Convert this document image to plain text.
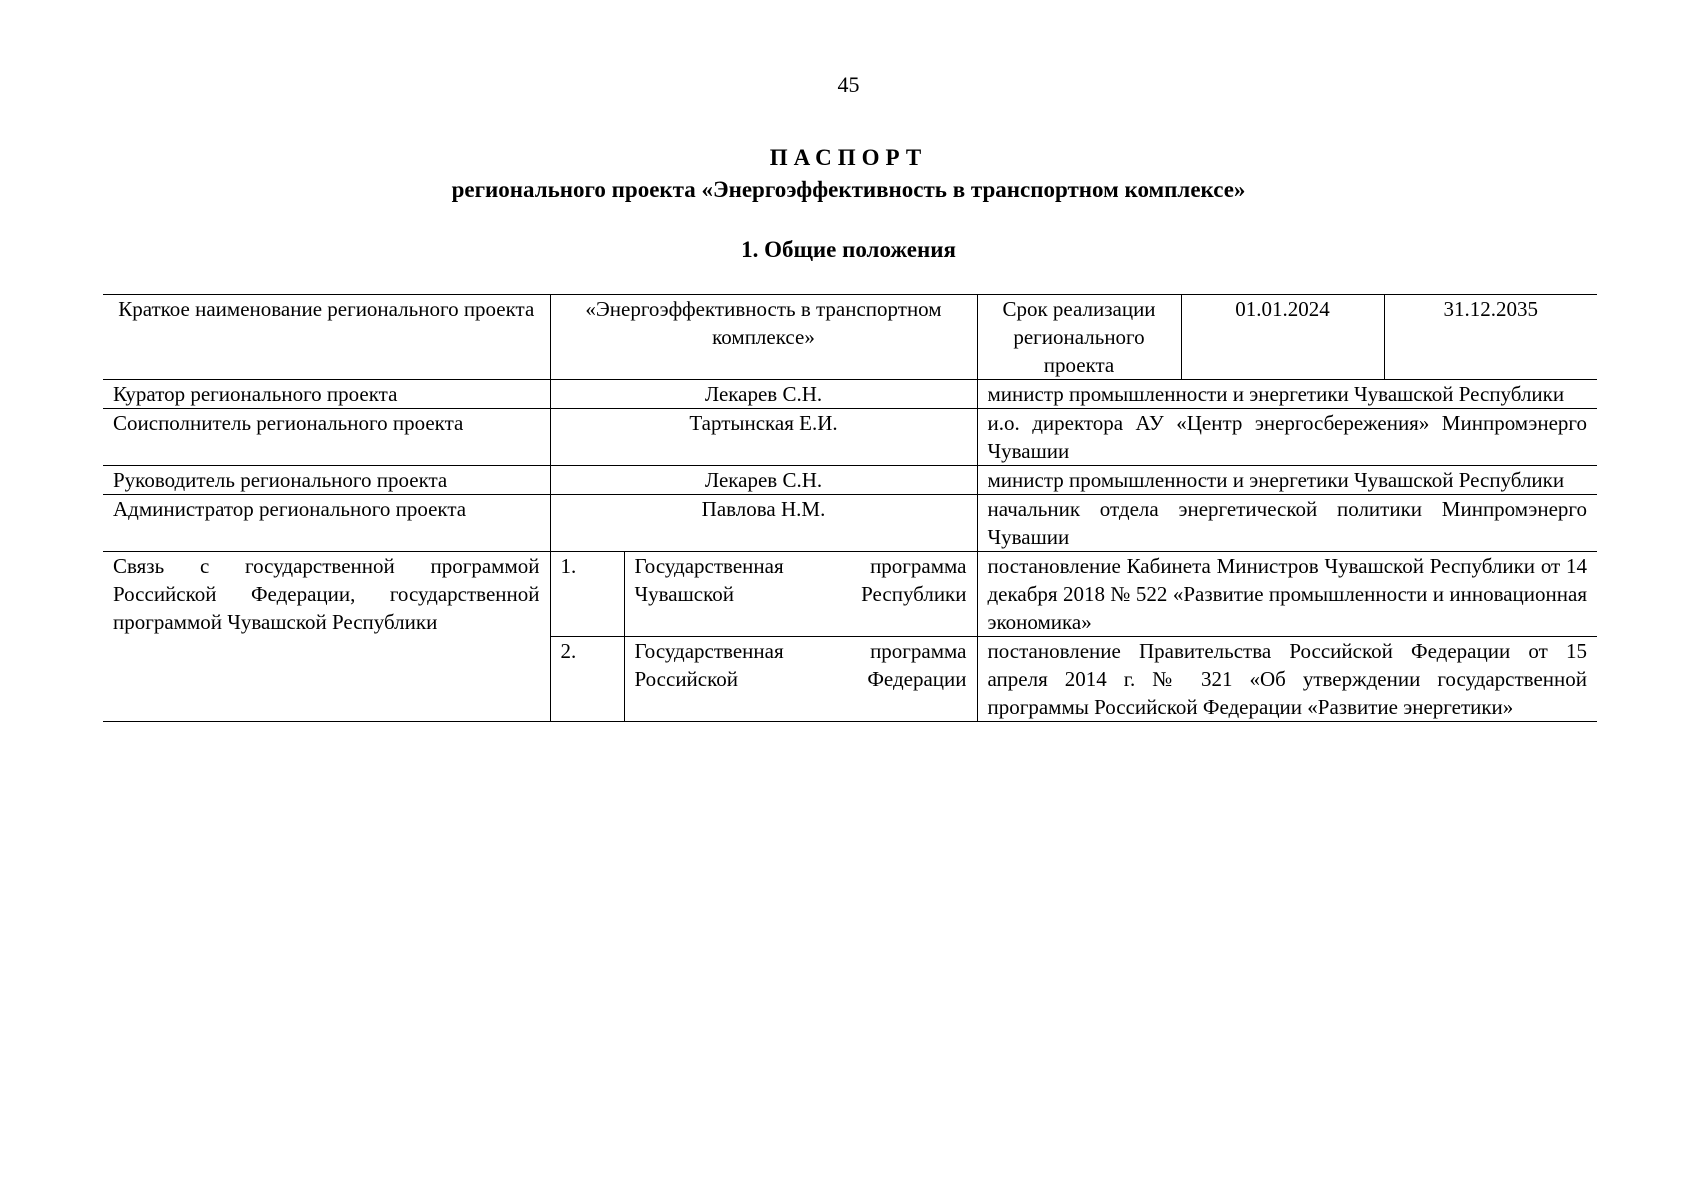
45
ПАСПОРТ
регионального проекта «Энергоэффективность в транспортном комплексе»
1. Общие положения
Краткое наименование регионального проекта	«Энергоэффективность в транспортном комплексе»		Срок реализации регионального проекта	01.01.2024	31.12.2035
Куратор регионального проекта	Лекарев С.Н.		министр промышленности и энергетики Чувашской Республики		
Соисполнитель регионального проекта	Тартынская Е.И.		и.о. директора АУ «Центр энергосбережения» Минпромэнерго Чувашии		
Руководитель регионального проекта	Лекарев С.Н.		министр промышленности и энергетики Чувашской Республики		
Администратор регионального проекта	Павлова Н.М.		начальник отдела энергетической политики Минпромэнерго Чувашии		
Связь с государственной программой Российской Федерации, государственной программой Чувашской Республики	1.	Государственная программа Чувашской Республики	постановление Кабинета Министров Чувашской Республики от 14 декабря 2018 № 522 «Развитие промышленности и инновационная экономика»		
	2.	Государственная программа Российской Федерации	постановление Правительства Российской Федерации от 15 апреля 2014 г. № 321 «Об утверждении государственной программы Российской Федерации «Развитие энергетики»		
